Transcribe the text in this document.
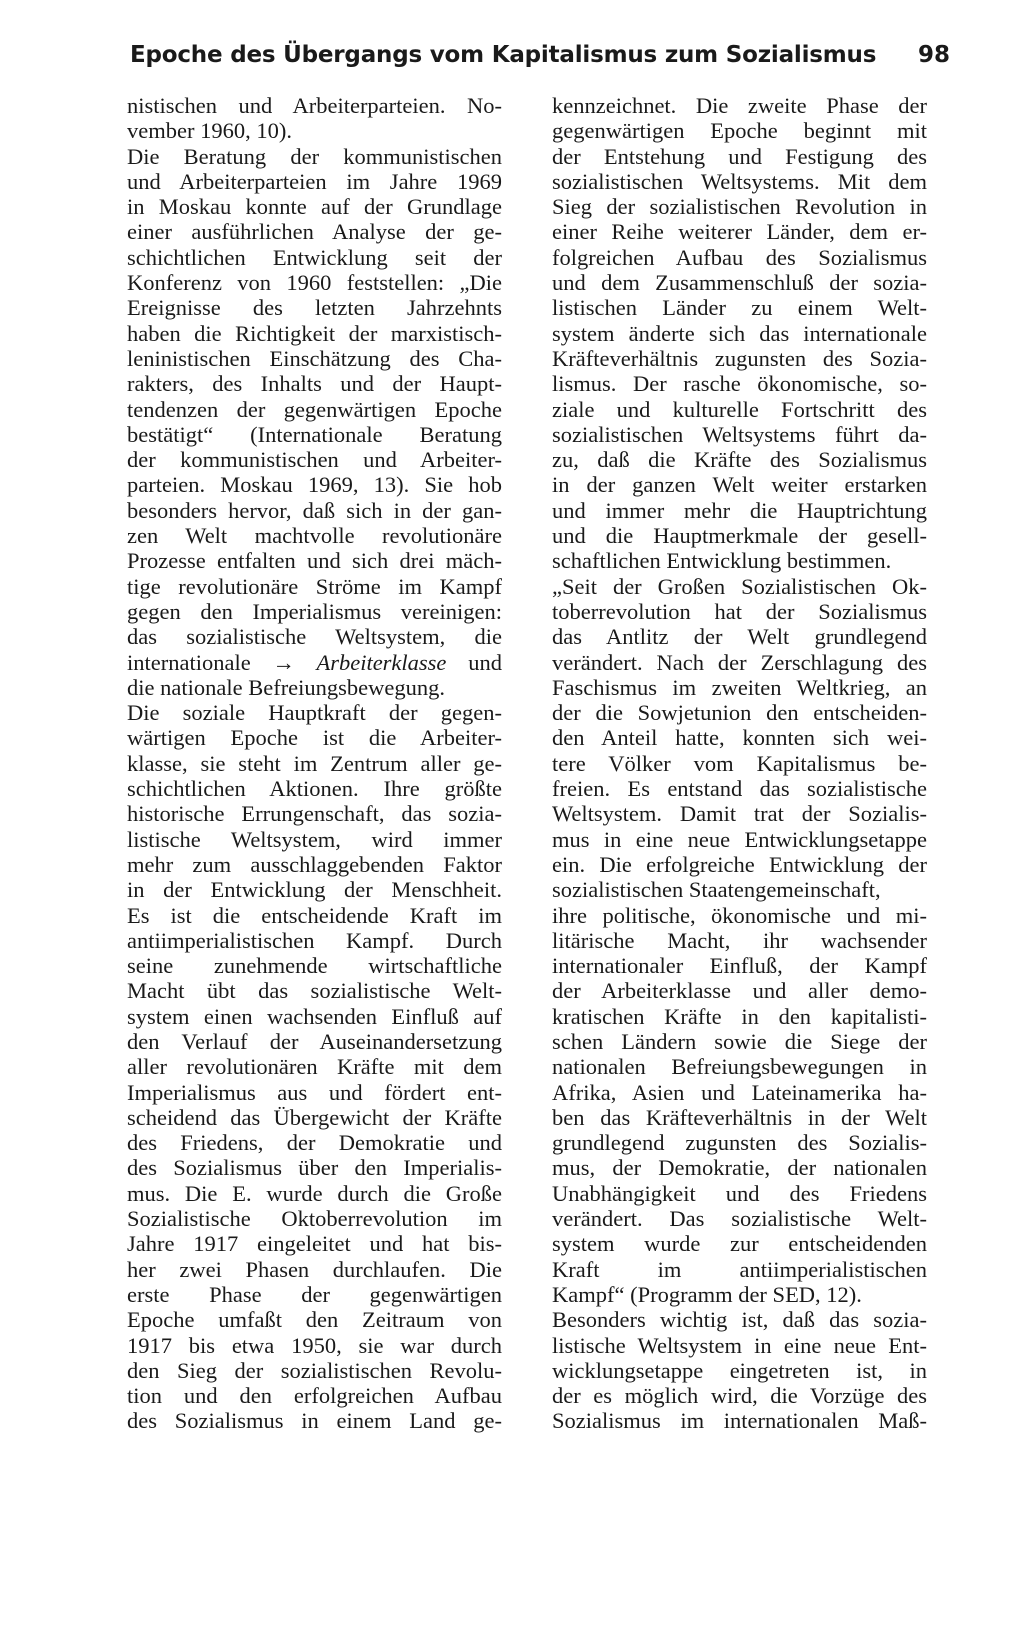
Epoche des Übergangs vom Kapitalismus zum Sozialismus 98
nistischen und Arbeiterparteien. No-
vember 1960, 10).
Die Beratung der kommunistischen
und Arbeiterparteien im Jahre 1969
in Moskau konnte auf der Grundlage
einer ausführlichen Analyse der ge-
schichtlichen Entwicklung seit der
Konferenz von 1960 feststellen: „Die
Ereignisse des letzten Jahrzehnts
haben die Richtigkeit der marxistisch-
leninistischen Einschätzung des Cha-
rakters, des Inhalts und der Haupt-
tendenzen der gegenwärtigen Epoche
bestätigt“ (Internationale Beratung
der kommunistischen und Arbeiter-
parteien. Moskau 1969, 13). Sie hob
besonders hervor, daß sich in der gan-
zen Welt machtvolle revolutionäre
Prozesse entfalten und sich drei mäch-
tige revolutionäre Ströme im Kampf
gegen den Imperialismus vereinigen:
das sozialistische Weltsystem, die
internationale → Arbeiterklasse und
die nationale Befreiungsbewegung.
Die soziale Hauptkraft der gegen-
wärtigen Epoche ist die Arbeiter-
klasse, sie steht im Zentrum aller ge-
schichtlichen Aktionen. Ihre größte
historische Errungenschaft, das sozia-
listische Weltsystem, wird immer
mehr zum ausschlaggebenden Faktor
in der Entwicklung der Menschheit.
Es ist die entscheidende Kraft im
antiimperialistischen Kampf. Durch
seine zunehmende wirtschaftliche
Macht übt das sozialistische Welt-
system einen wachsenden Einfluß auf
den Verlauf der Auseinandersetzung
aller revolutionären Kräfte mit dem
Imperialismus aus und fördert ent-
scheidend das Übergewicht der Kräfte
des Friedens, der Demokratie und
des Sozialismus über den Imperialis-
mus. Die E. wurde durch die Große
Sozialistische Oktoberrevolution im
Jahre 1917 eingeleitet und hat bis-
her zwei Phasen durchlaufen. Die
erste Phase der gegenwärtigen
Epoche umfaßt den Zeitraum von
1917 bis etwa 1950, sie war durch
den Sieg der sozialistischen Revolu-
tion und den erfolgreichen Aufbau
des Sozialismus in einem Land ge-
kennzeichnet. Die zweite Phase der
gegenwärtigen Epoche beginnt mit
der Entstehung und Festigung des
sozialistischen Weltsystems. Mit dem
Sieg der sozialistischen Revolution in
einer Reihe weiterer Länder, dem er-
folgreichen Aufbau des Sozialismus
und dem Zusammenschluß der sozia-
listischen Länder zu einem Welt-
system änderte sich das internationale
Kräfteverhältnis zugunsten des Sozia-
lismus. Der rasche ökonomische, so-
ziale und kulturelle Fortschritt des
sozialistischen Weltsystems führt da-
zu, daß die Kräfte des Sozialismus
in der ganzen Welt weiter erstarken
und immer mehr die Hauptrichtung
und die Hauptmerkmale der gesell-
schaftlichen Entwicklung bestimmen.
„Seit der Großen Sozialistischen Ok-
toberrevolution hat der Sozialismus
das Antlitz der Welt grundlegend
verändert. Nach der Zerschlagung des
Faschismus im zweiten Weltkrieg, an
der die Sowjetunion den entscheiden-
den Anteil hatte, konnten sich wei-
tere Völker vom Kapitalismus be-
freien. Es entstand das sozialistische
Weltsystem. Damit trat der Sozialis-
mus in eine neue Entwicklungsetappe
ein. Die erfolgreiche Entwicklung der
sozialistischen Staatengemeinschaft,
ihre politische, ökonomische und mi-
litärische Macht, ihr wachsender
internationaler Einfluß, der Kampf
der Arbeiterklasse und aller demo-
kratischen Kräfte in den kapitalisti-
schen Ländern sowie die Siege der
nationalen Befreiungsbewegungen in
Afrika, Asien und Lateinamerika ha-
ben das Kräfteverhältnis in der Welt
grundlegend zugunsten des Sozialis-
mus, der Demokratie, der nationalen
Unabhängigkeit und des Friedens
verändert. Das sozialistische Welt-
system wurde zur entscheidenden
Kraft im antiimperialistischen
Kampf“ (Programm der SED, 12).
Besonders wichtig ist, daß das sozia-
listische Weltsystem in eine neue Ent-
wicklungsetappe eingetreten ist, in
der es möglich wird, die Vorzüge des
Sozialismus im internationalen Maß-
